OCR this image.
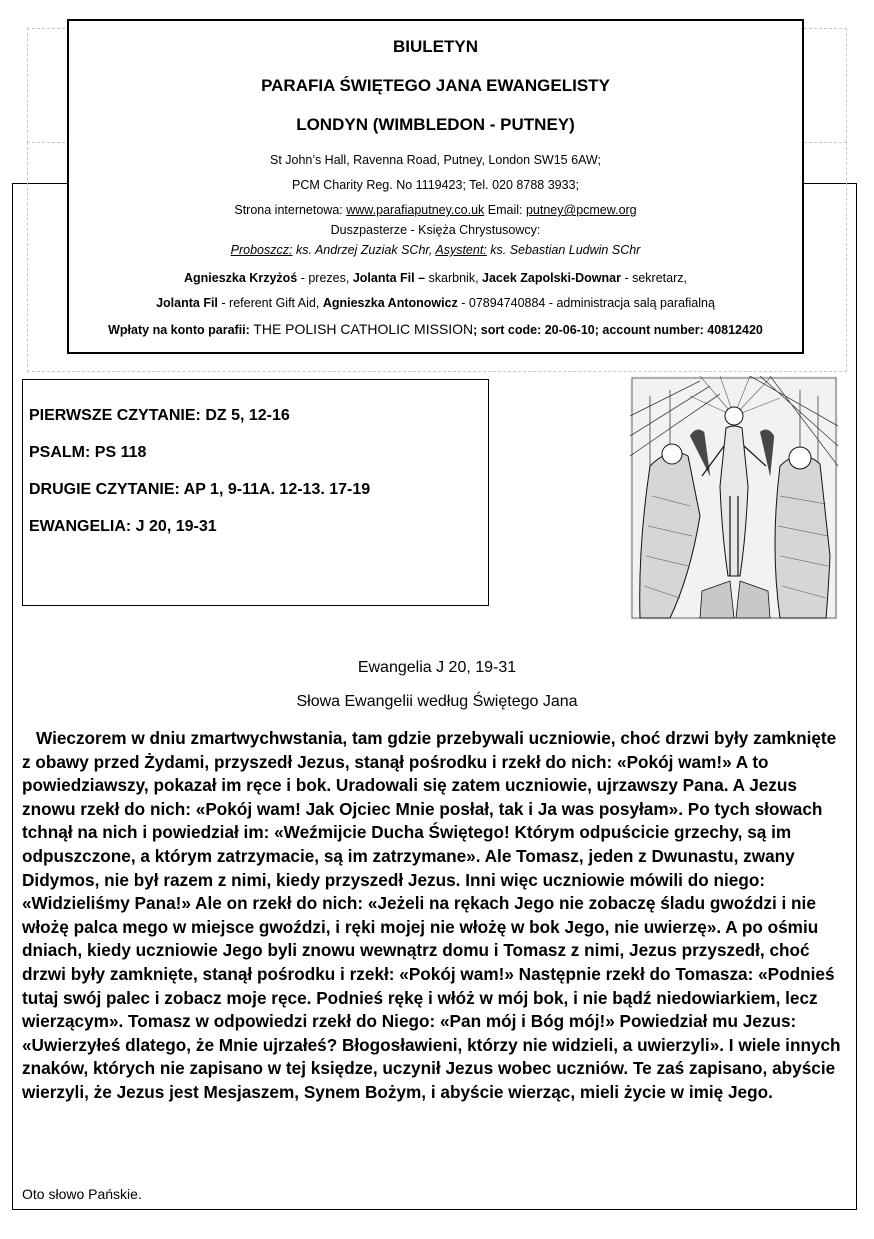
BIULETYN
PARAFIA ŚWIĘTEGO JANA EWANGELISTY
LONDYN (WIMBLEDON - PUTNEY)
St John’s Hall, Ravenna Road, Putney, London SW15 6AW;
PCM Charity Reg. No 1119423; Tel. 020 8788 3933;
Strona internetowa: www.parafiaputney.co.uk Email: putney@pcmew.org
Duszpasterze - Księża Chrystusowcy:
Proboszcz: ks. Andrzej Zuziak SChr, Asystent: ks. Sebastian Ludwin SChr
Agnieszka Krzyżoś - prezes, Jolanta Fil – skarbnik, Jacek Zapolski-Downar - sekretarz,
Jolanta Fil - referent Gift Aid, Agnieszka Antonowicz - 07894740884 - administracja salą parafialną
Wpłaty na konto parafii: THE POLISH CATHOLIC MISSION; sort code: 20-06-10; account number: 40812420

PIERWSZE CZYTANIE: DZ 5, 12-16

PSALM: PS 118

DRUGIE CZYTANIE: AP 1, 9-11A. 12-13. 17-19

EWANGELIA: J 20, 19-31

Ewangelia J 20, 19-31
Słowa Ewangelii według Świętego Jana

Wieczorem w dniu zmartwychwstania, tam gdzie przebywali uczniowie, choć drzwi były zamknięte z obawy przed Żydami, przyszedł Jezus, stanął pośrodku i rzekł do nich: «Pokój wam!» A to powiedziawszy, pokazał im ręce i bok. Uradowali się zatem uczniowie, ujrzawszy Pana. A Jezus znowu rzekł do nich: «Pokój wam! Jak Ojciec Mnie posłał, tak i Ja was posyłam». Po tych słowach tchnął na nich i powiedział im: «Weźmijcie Ducha Świętego! Którym odpuścicie grzechy, są im odpuszczone, a którym zatrzymacie, są im zatrzymane». Ale Tomasz, jeden z Dwunastu, zwany Didymos, nie był razem z nimi, kiedy przyszedł Jezus. Inni więc uczniowie mówili do niego: «Widzieliśmy Pana!» Ale on rzekł do nich: «Jeżeli na rękach Jego nie zobaczę śladu gwoździ i nie włożę palca mego w miejsce gwoździ, i ręki mojej nie włożę w bok Jego, nie uwierzę». A po ośmiu dniach, kiedy uczniowie Jego byli znowu wewnątrz domu i Tomasz z nimi, Jezus przyszedł, choć drzwi były zamknięte, stanął pośrodku i rzekł: «Pokój wam!» Następnie rzekł do Tomasza: «Podnieś tutaj swój palec i zobacz moje ręce. Podnieś rękę i włóż w mój bok, i nie bądź niedowiarkiem, lecz wierzącym». Tomasz w odpowiedzi rzekł do Niego: «Pan mój i Bóg mój!» Powiedział mu Jezus: «Uwierzyłeś dlatego, że Mnie ujrzałeś? Błogosławieni, którzy nie widzieli, a uwierzyli». I wiele innych znaków, których nie zapisano w tej księdze, uczynił Jezus wobec uczniów. Te zaś zapisano, abyście wierzyli, że Jezus jest Mesjaszem, Synem Bożym, i abyście wierząc, mieli życie w imię Jego.

Oto słowo Pańskie.
